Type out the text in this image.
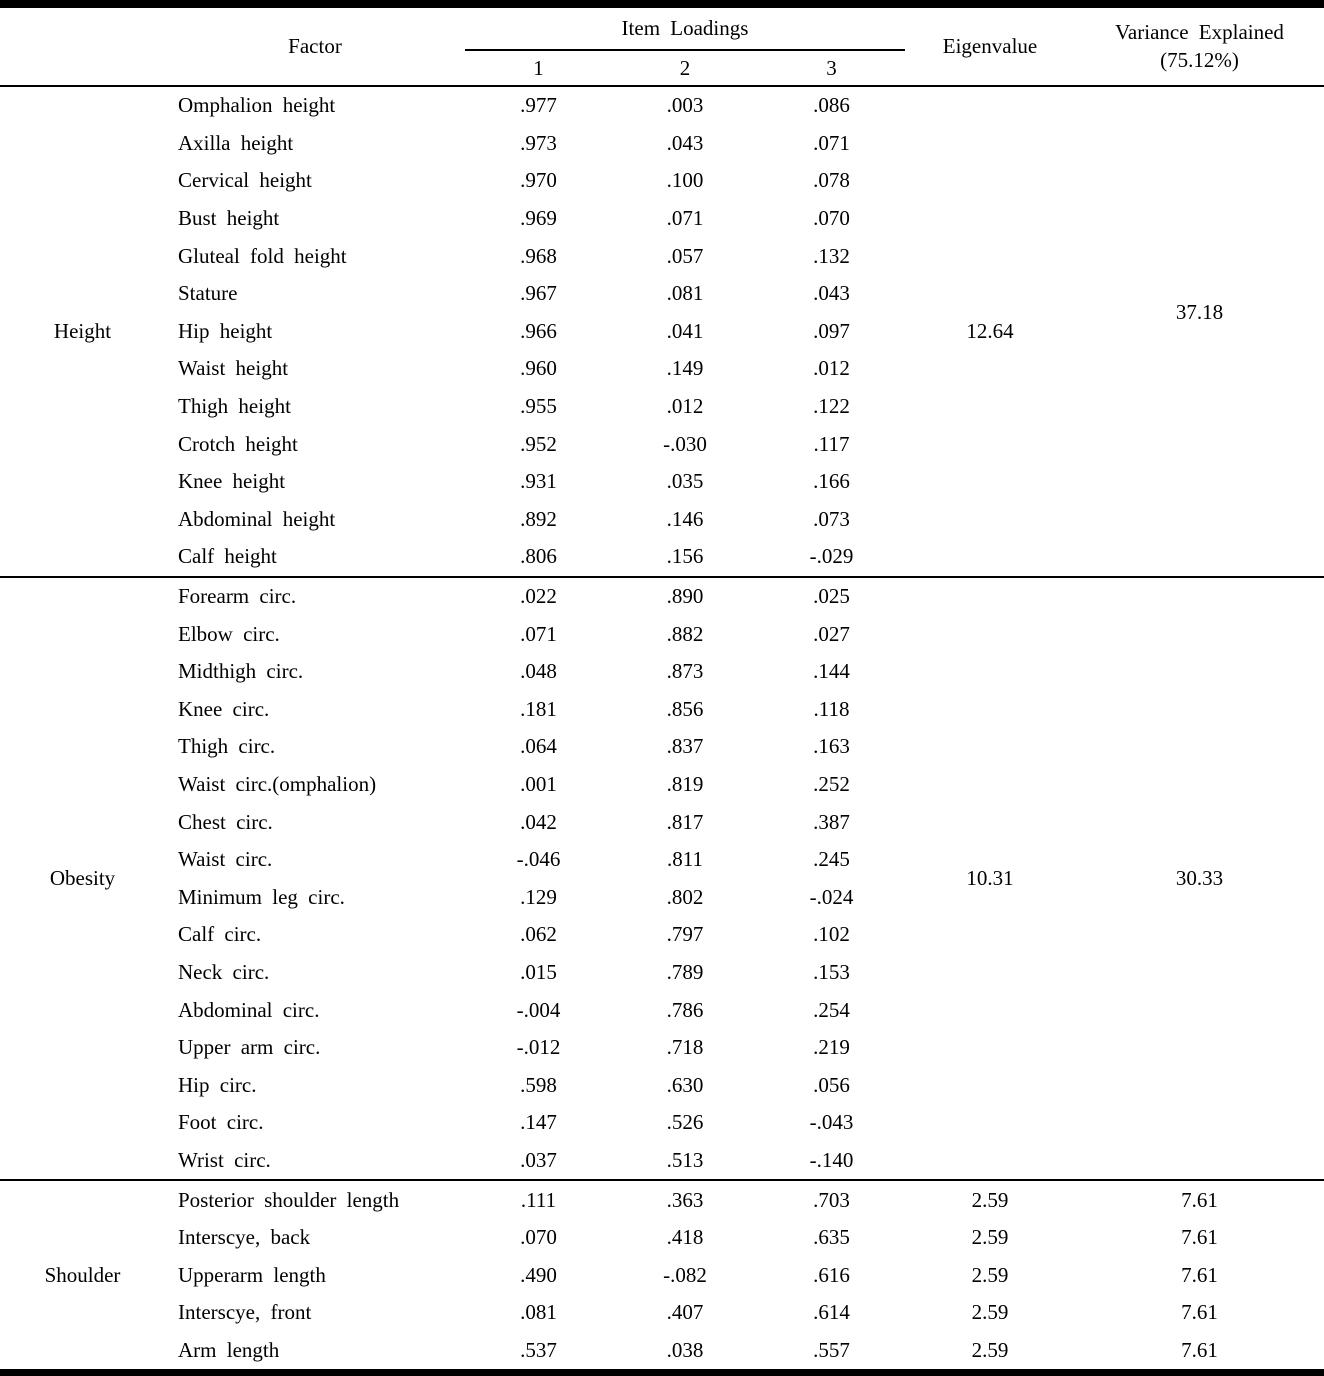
	Factor	Item Loadings			Eigenvalue	Variance Explained
(75.12%)

		1	2	3		
Height	Omphalion height	.977	.003	.086	12.64	37.18
	Axilla height	.973	.043	.071		
	Cervical height	.970	.100	.078		
	Bust height	.969	.071	.070		
	Gluteal fold height	.968	.057	.132		
	Stature	.967	.081	.043		
	Hip height	.966	.041	.097		
	Waist height	.960	.149	.012		
	Thigh height	.955	.012	.122		
	Crotch height	.952	-.030	.117		
	Knee height	.931	.035	.166		
	Abdominal height	.892	.146	.073		
	Calf height	.806	.156	-.029		
Obesity	Forearm circ.	.022	.890	.025	10.31	30.33
	Elbow circ.	.071	.882	.027		
	Midthigh circ.	.048	.873	.144		
	Knee circ.	.181	.856	.118		
	Thigh circ.	.064	.837	.163		
	Waist circ.(omphalion)	.001	.819	.252		
	Chest circ.	.042	.817	.387		
	Waist circ.	-.046	.811	.245		
	Minimum leg circ.	.129	.802	-.024		
	Calf circ.	.062	.797	.102		
	Neck circ.	.015	.789	.153		
	Abdominal circ.	-.004	.786	.254		
	Upper arm circ.	-.012	.718	.219		
	Hip circ.	.598	.630	.056		
	Foot circ.	.147	.526	-.043		
	Wrist circ.	.037	.513	-.140		
Shoulder	Posterior shoulder length	.111	.363	.703	2.59	7.61
	Interscye, back	.070	.418	.635	2.59	7.61
	Upperarm length	.490	-.082	.616	2.59	7.61
	Interscye, front	.081	.407	.614	2.59	7.61
	Arm length	.537	.038	.557	2.59	7.61
